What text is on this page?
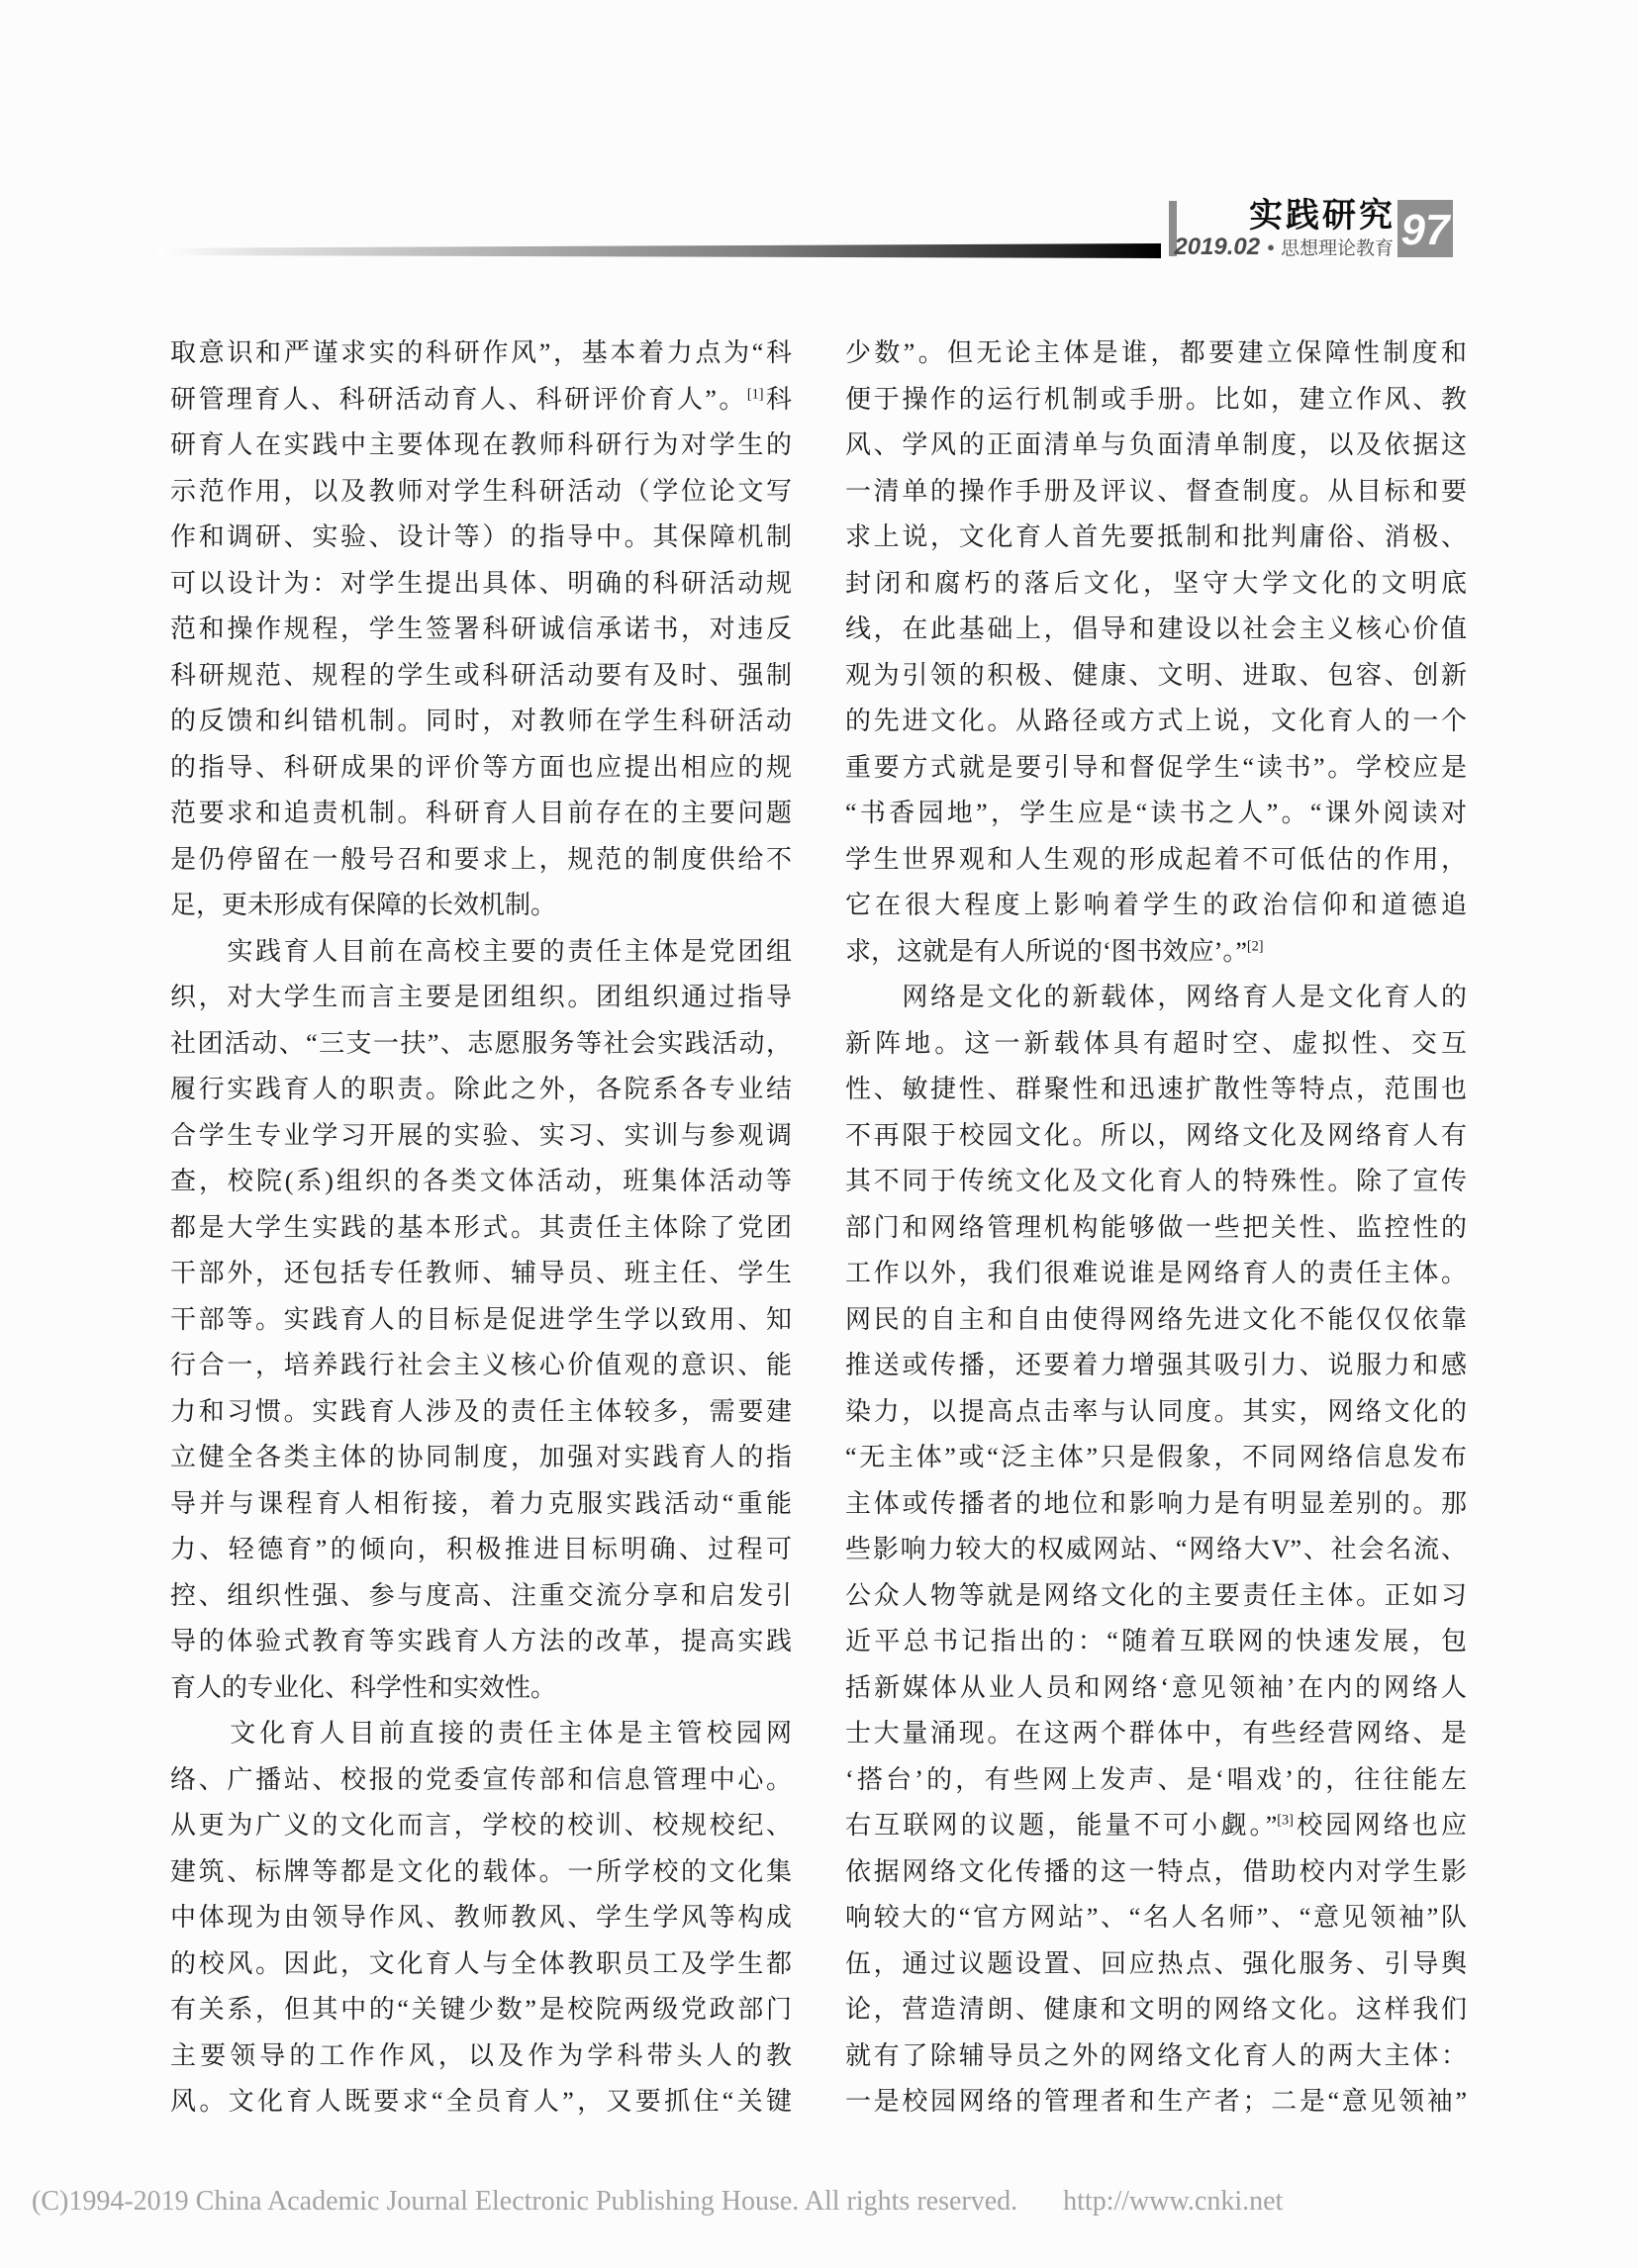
实践研究
2019.02 ● 思想理论教育 97
取意识和严谨求实的科研作风”，基本着力点为“科
研管理育人、科研活动育人、科研评价育人”。[1]科
研育人在实践中主要体现在教师科研行为对学生的
示范作用，以及教师对学生科研活动（学位论文写
作和调研、实验、设计等）的指导中。其保障机制
可以设计为：对学生提出具体、明确的科研活动规
范和操作规程，学生签署科研诚信承诺书，对违反
科研规范、规程的学生或科研活动要有及时、强制
的反馈和纠错机制。同时，对教师在学生科研活动
的指导、科研成果的评价等方面也应提出相应的规
范要求和追责机制。科研育人目前存在的主要问题
是仍停留在一般号召和要求上，规范的制度供给不
足，更未形成有保障的长效机制。
　　实践育人目前在高校主要的责任主体是党团组
织，对大学生而言主要是团组织。团组织通过指导
社团活动、“三支一扶”、志愿服务等社会实践活动，
履行实践育人的职责。除此之外，各院系各专业结
合学生专业学习开展的实验、实习、实训与参观调
查，校院(系)组织的各类文体活动，班集体活动等
都是大学生实践的基本形式。其责任主体除了党团
干部外，还包括专任教师、辅导员、班主任、学生
干部等。实践育人的目标是促进学生学以致用、知
行合一，培养践行社会主义核心价值观的意识、能
力和习惯。实践育人涉及的责任主体较多，需要建
立健全各类主体的协同制度，加强对实践育人的指
导并与课程育人相衔接，着力克服实践活动“重能
力、轻德育”的倾向，积极推进目标明确、过程可
控、组织性强、参与度高、注重交流分享和启发引
导的体验式教育等实践育人方法的改革，提高实践
育人的专业化、科学性和实效性。
　　文化育人目前直接的责任主体是主管校园网
络、广播站、校报的党委宣传部和信息管理中心。
从更为广义的文化而言，学校的校训、校规校纪、
建筑、标牌等都是文化的载体。一所学校的文化集
中体现为由领导作风、教师教风、学生学风等构成
的校风。因此，文化育人与全体教职员工及学生都
有关系，但其中的“关键少数”是校院两级党政部门
主要领导的工作作风，以及作为学科带头人的教
风。文化育人既要求“全员育人”，又要抓住“关键
少数”。但无论主体是谁，都要建立保障性制度和
便于操作的运行机制或手册。比如，建立作风、教
风、学风的正面清单与负面清单制度，以及依据这
一清单的操作手册及评议、督查制度。从目标和要
求上说，文化育人首先要抵制和批判庸俗、消极、
封闭和腐朽的落后文化，坚守大学文化的文明底
线，在此基础上，倡导和建设以社会主义核心价值
观为引领的积极、健康、文明、进取、包容、创新
的先进文化。从路径或方式上说，文化育人的一个
重要方式就是要引导和督促学生“读书”。学校应是
“书香园地”，学生应是“读书之人”。“课外阅读对
学生世界观和人生观的形成起着不可低估的作用，
它在很大程度上影响着学生的政治信仰和道德追
求，这就是有人所说的‘图书效应’。”[2]
　　网络是文化的新载体，网络育人是文化育人的
新阵地。这一新载体具有超时空、虚拟性、交互
性、敏捷性、群聚性和迅速扩散性等特点，范围也
不再限于校园文化。所以，网络文化及网络育人有
其不同于传统文化及文化育人的特殊性。除了宣传
部门和网络管理机构能够做一些把关性、监控性的
工作以外，我们很难说谁是网络育人的责任主体。
网民的自主和自由使得网络先进文化不能仅仅依靠
推送或传播，还要着力增强其吸引力、说服力和感
染力，以提高点击率与认同度。其实，网络文化的
“无主体”或“泛主体”只是假象，不同网络信息发布
主体或传播者的地位和影响力是有明显差别的。那
些影响力较大的权威网站、“网络大V”、社会名流、
公众人物等就是网络文化的主要责任主体。正如习
近平总书记指出的：“随着互联网的快速发展，包
括新媒体从业人员和网络‘意见领袖’在内的网络人
士大量涌现。在这两个群体中，有些经营网络、是
‘搭台’的，有些网上发声、是‘唱戏’的，往往能左
右互联网的议题，能量不可小觑。”[3]校园网络也应
依据网络文化传播的这一特点，借助校内对学生影
响较大的“官方网站”、“名人名师”、“意见领袖”队
伍，通过议题设置、回应热点、强化服务、引导舆
论，营造清朗、健康和文明的网络文化。这样我们
就有了除辅导员之外的网络文化育人的两大主体：
一是校园网络的管理者和生产者；二是“意见领袖”
(C)1994-2019 China Academic Journal Electronic Publishing House. All rights reserved. http://www.cnki.net
